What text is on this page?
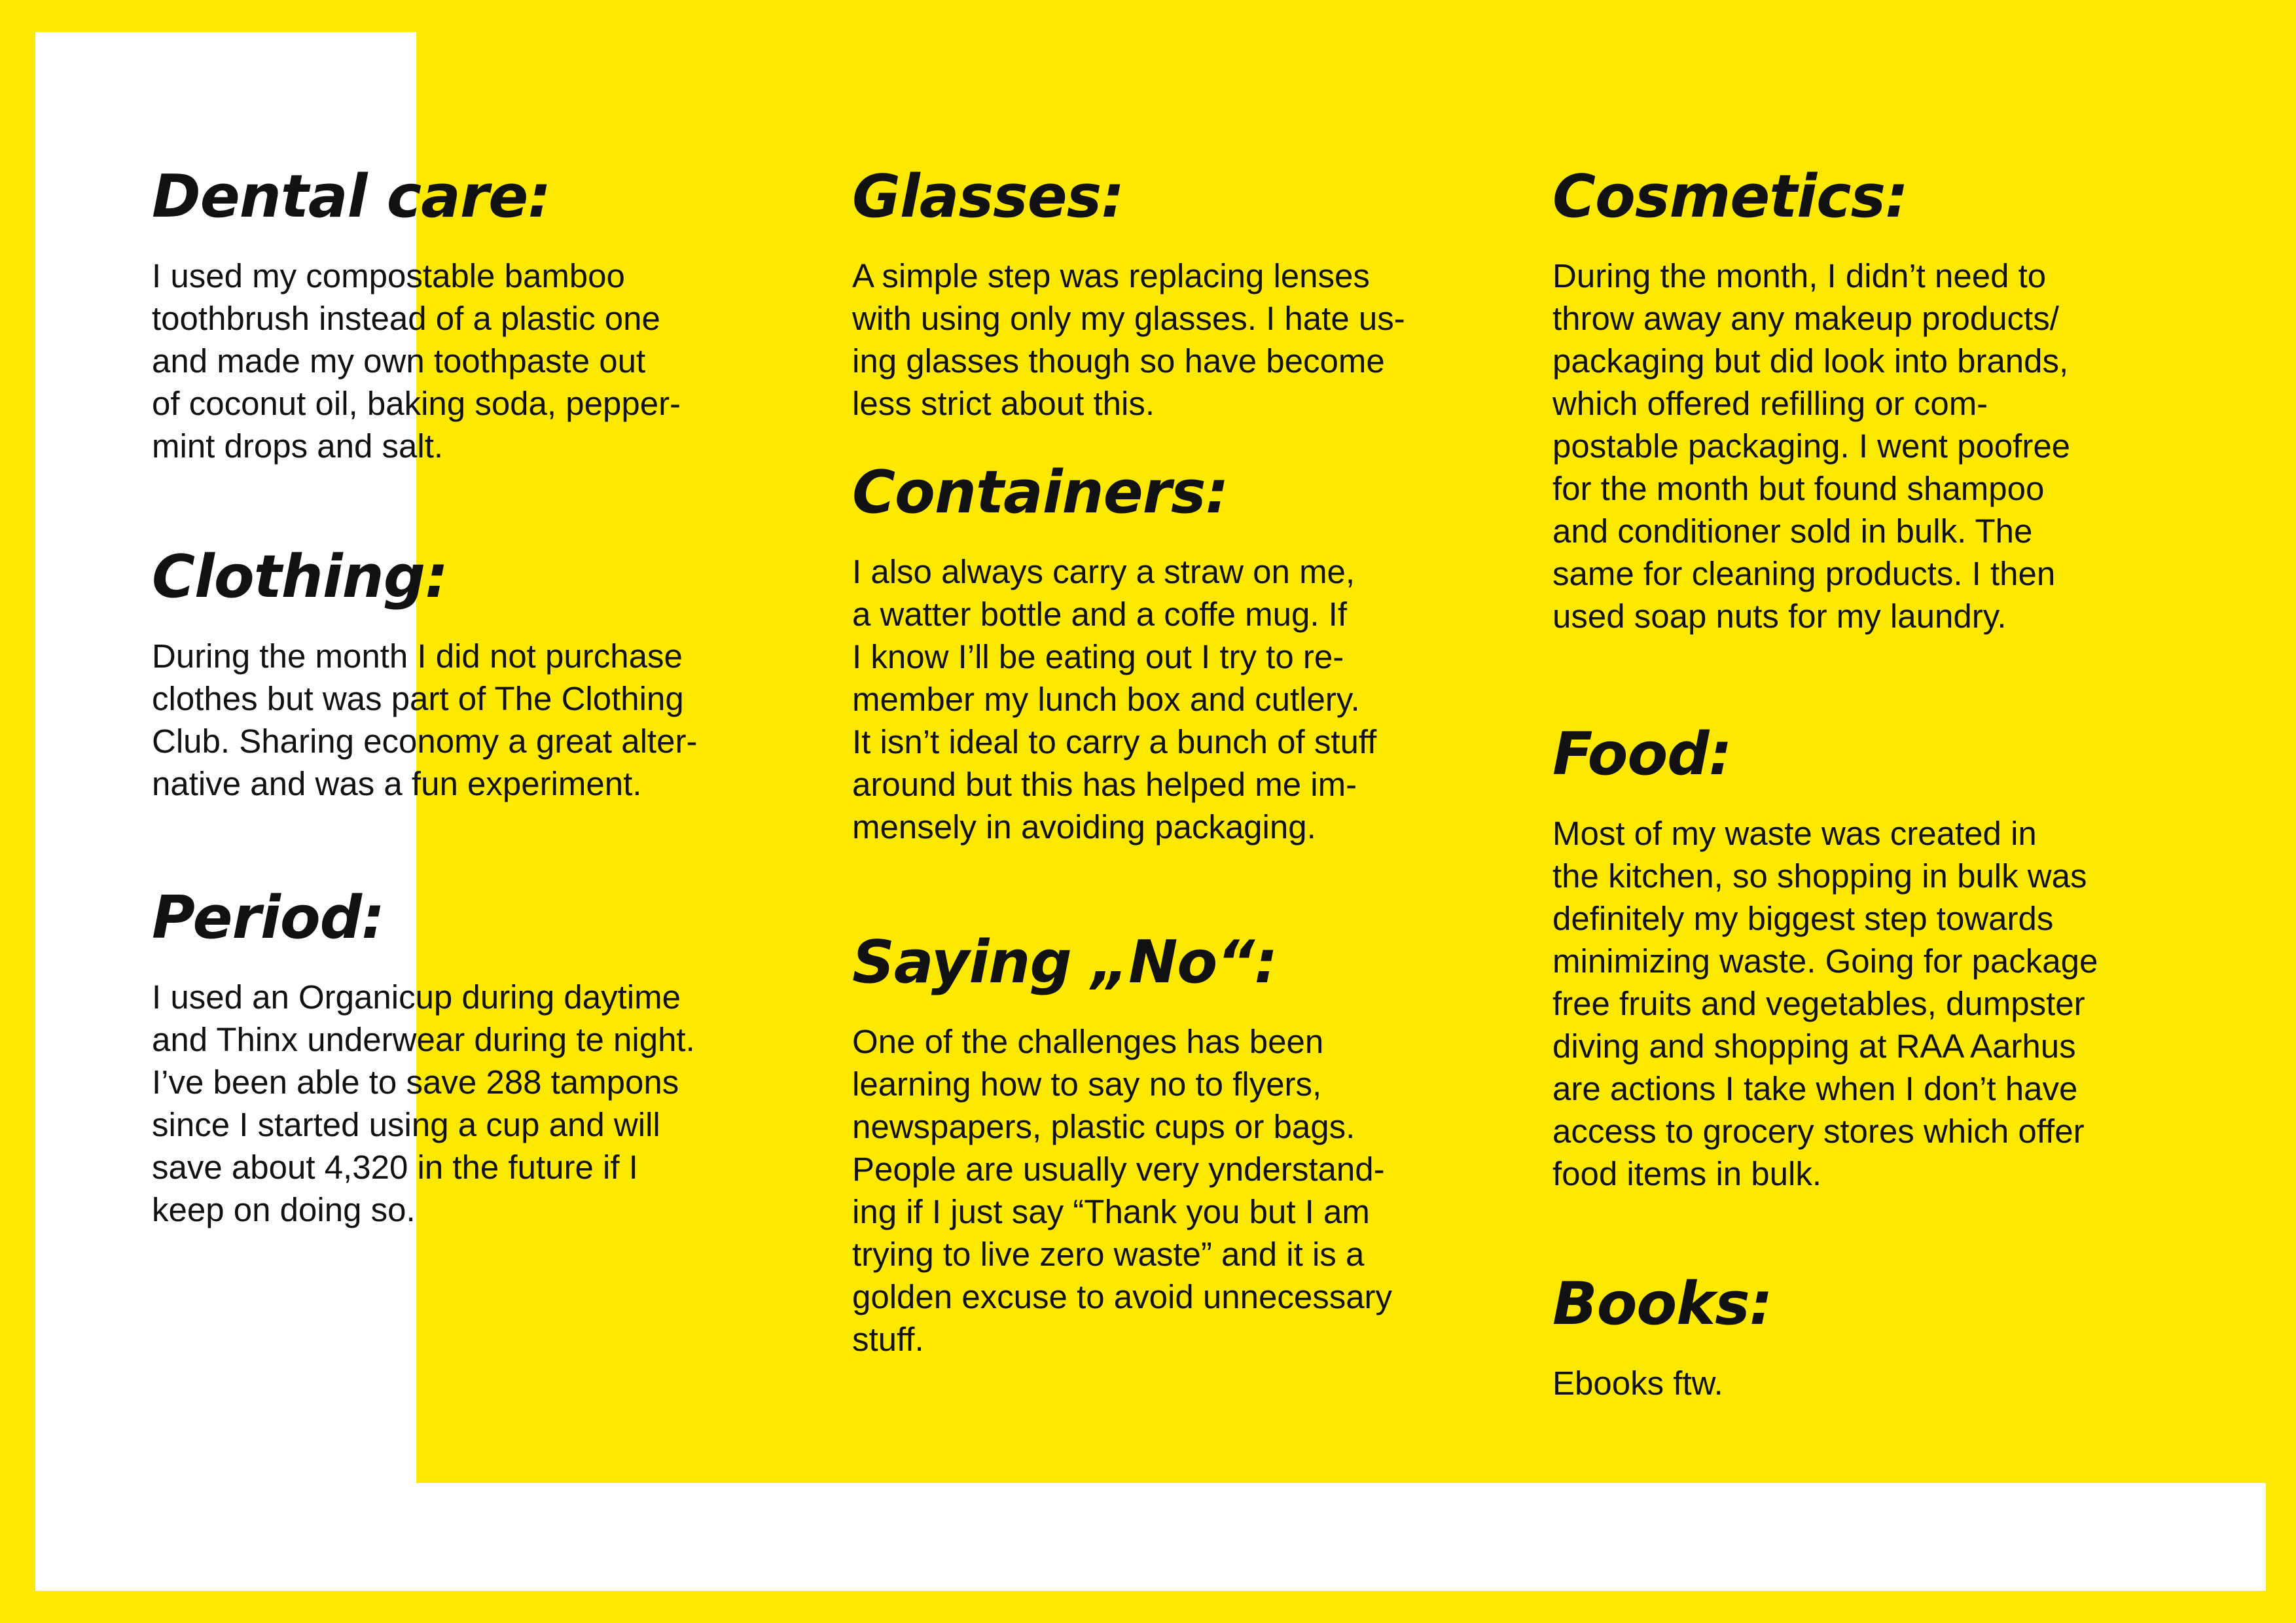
Dental care:

I used my compostable bamboo
toothbrush instead of a plastic one
and made my own toothpaste out
of coconut oil, baking soda, pepper-
mint drops and salt.

Clothing:

During the month I did not purchase
clothes but was part of The Clothing
Club. Sharing economy a great alter-
native and was a fun experiment.

Period:

I used an Organicup during daytime
and Thinx underwear during te night.
I’ve been able to save 288 tampons
since I started using a cup and will
save about 4,320 in the future if I
keep on doing so.

Glasses:

A simple step was replacing lenses
with using only my glasses. I hate us-
ing glasses though so have become
less strict about this.

Containers:

I also always carry a straw on me,
a watter bottle and a coffe mug. If
I know I’ll be eating out I try to re-
member my lunch box and cutlery.
It isn’t ideal to carry a bunch of stuff
around but this has helped me im-
mensely in avoiding packaging.

Saying „No“:

One of the challenges has been
learning how to say no to flyers,
newspapers, plastic cups or bags.
People are usually very ynderstand-
ing if I just say “Thank you but I am
trying to live zero waste” and it is a
golden excuse to avoid unnecessary
stuff.

Cosmetics:

During the month, I didn’t need to
throw away any makeup products/
packaging but did look into brands,
which offered refilling or com-
postable packaging. I went poofree
for the month but found shampoo
and conditioner sold in bulk. The
same for cleaning products. I then
used soap nuts for my laundry.

Food:

Most of my waste was created in
the kitchen, so shopping in bulk was
definitely my biggest step towards
minimizing waste. Going for package
free fruits and vegetables, dumpster
diving and shopping at RAA Aarhus
are actions I take when I don’t have
access to grocery stores which offer
food items in bulk.

Books:

Ebooks ftw.
